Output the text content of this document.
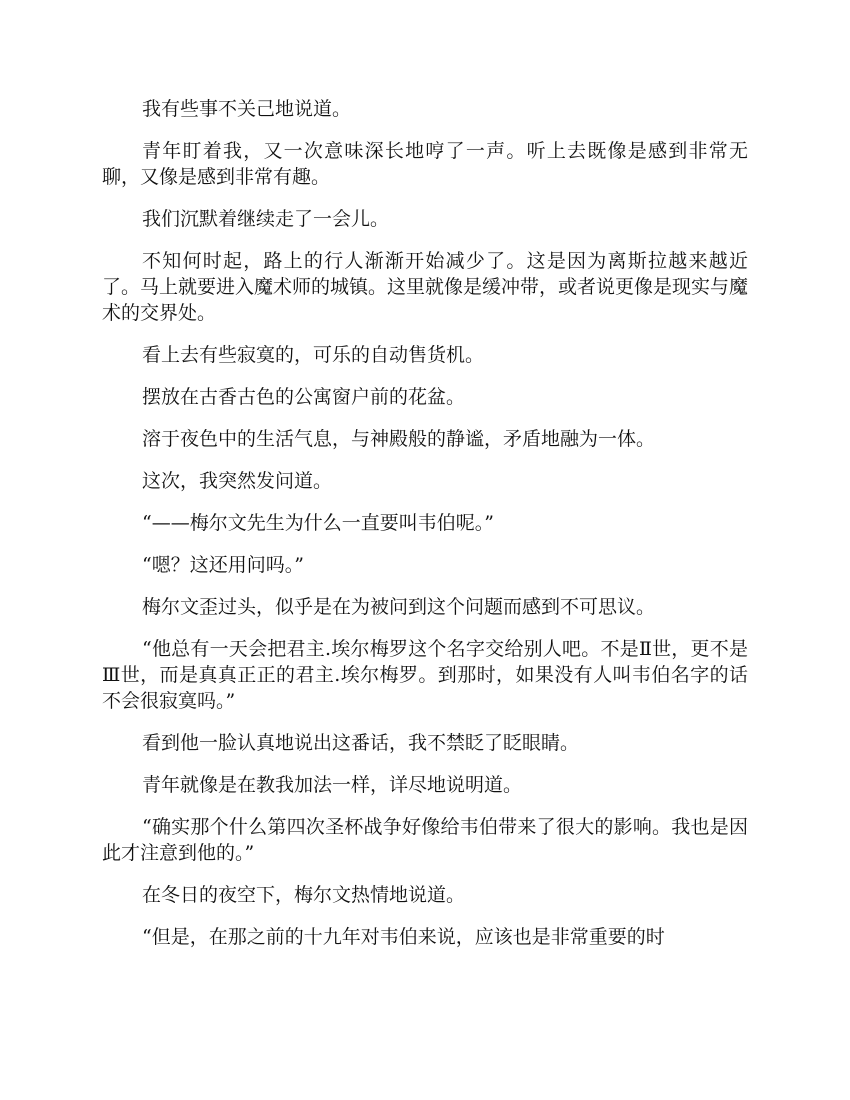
我有些事不关己地说道。

青年盯着我，又一次意味深长地哼了一声。听上去既像是感到非常无聊，又像是感到非常有趣。

我们沉默着继续走了一会儿。

不知何时起，路上的行人渐渐开始减少了。这是因为离斯拉越来越近了。马上就要进入魔术师的城镇。这里就像是缓冲带，或者说更像是现实与魔术的交界处。

看上去有些寂寞的，可乐的自动售货机。

摆放在古香古色的公寓窗户前的花盆。

溶于夜色中的生活气息，与神殿般的静谧，矛盾地融为一体。

这次，我突然发问道。

“——梅尔文先生为什么一直要叫韦伯呢。”

“嗯？这还用问吗。”

梅尔文歪过头，似乎是在为被问到这个问题而感到不可思议。

“他总有一天会把君主.埃尔梅罗这个名字交给别人吧。不是Ⅱ世，更不是Ⅲ世，而是真真正正的君主.埃尔梅罗。到那时，如果没有人叫韦伯名字的话不会很寂寞吗。”

看到他一脸认真地说出这番话，我不禁眨了眨眼睛。

青年就像是在教我加法一样，详尽地说明道。

“确实那个什么第四次圣杯战争好像给韦伯带来了很大的影响。我也是因此才注意到他的。”

在冬日的夜空下，梅尔文热情地说道。

“但是，在那之前的十九年对韦伯来说，应该也是非常重要的时
